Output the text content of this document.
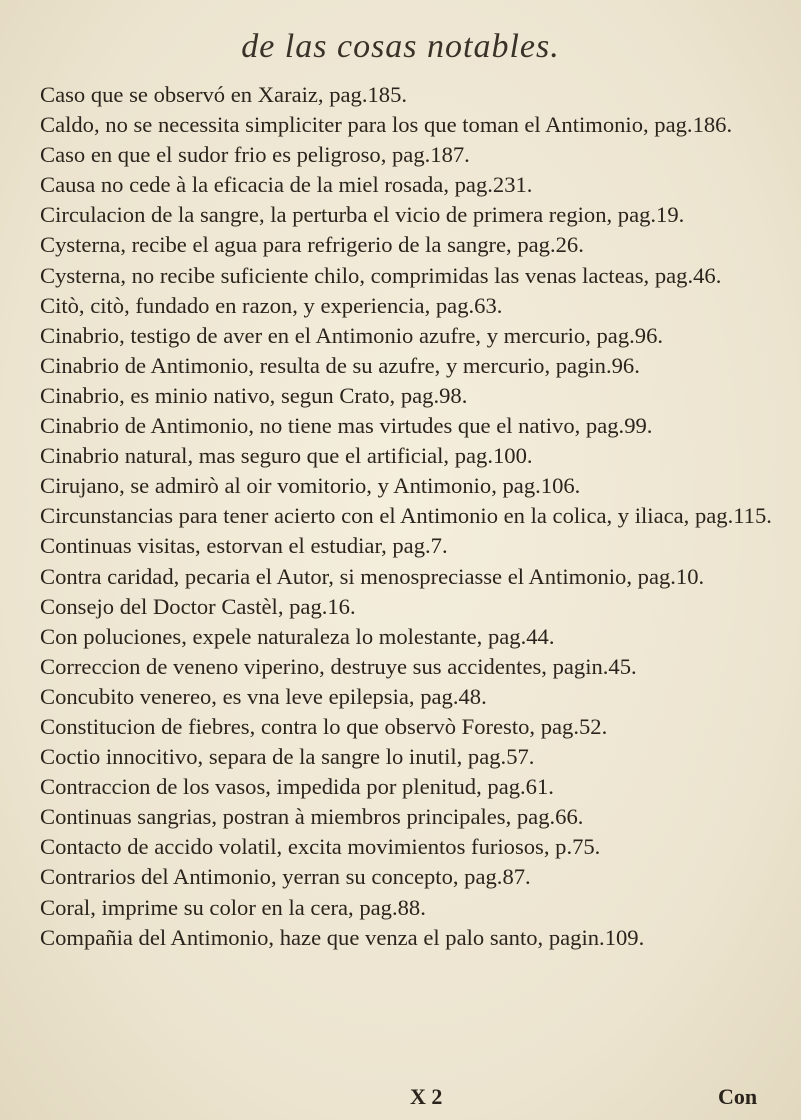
de las cosas notables.

Caso que se observó en Xaraiz, pag.185.

Caldo, no se necessita simpliciter para los que toman el Antimonio, pag.186.

Caso en que el sudor frio es peligroso, pag.187.

Causa no cede à la eficacia de la miel rosada, pag.231.

Circulacion de la sangre, la perturba el vicio de primera region, pag.19.

Cysterna, recibe el agua para refrigerio de la sangre, pag.26.

Cysterna, no recibe suficiente chilo, comprimidas las venas lacteas, pag.46.

Citò, citò, fundado en razon, y experiencia, pag.63.

Cinabrio, testigo de aver en el Antimonio azufre, y mercurio, pag.96.

Cinabrio de Antimonio, resulta de su azufre, y mercurio, pagin.96.

Cinabrio, es minio nativo, segun Crato, pag.98.

Cinabrio de Antimonio, no tiene mas virtudes que el nativo, pag.99.

Cinabrio natural, mas seguro que el artificial, pag.100.

Cirujano, se admirò al oir vomitorio, y Antimonio, pag.106.

Circunstancias para tener acierto con el Antimonio en la colica, y iliaca, pag.115.

Continuas visitas, estorvan el estudiar, pag.7.

Contra caridad, pecaria el Autor, si menospreciasse el Antimonio, pag.10.

Consejo del Doctor Castèl, pag.16.

Con poluciones, expele naturaleza lo molestante, pag.44.

Correccion de veneno viperino, destruye sus accidentes, pagin.45.

Concubito venereo, es vna leve epilepsia, pag.48.

Constitucion de fiebres, contra lo que observò Foresto, pag.52.

Coctio innocitivo, separa de la sangre lo inutil, pag.57.

Contraccion de los vasos, impedida por plenitud, pag.61.

Continuas sangrias, postran à miembros principales, pag.66.

Contacto de accido volatil, excita movimientos furiosos, p.75.

Contrarios del Antimonio, yerran su concepto, pag.87.

Coral, imprime su color en la cera, pag.88.

Compañia del Antimonio, haze que venza el palo santo, pagin.109.

X 2	Con
